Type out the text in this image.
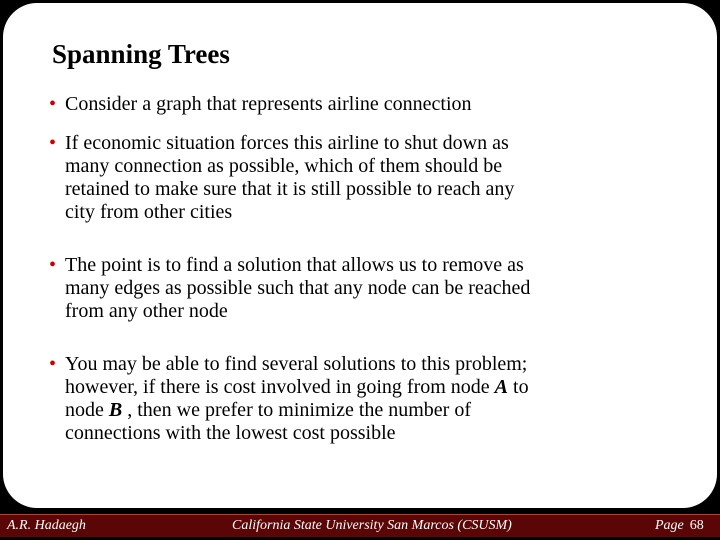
Spanning Trees
• Consider a graph that represents airline connection
• If economic situation forces this airline to shut down as
many connection as possible, which of them should be
retained to make sure that it is still possible to reach any
city from other cities
• The point is to find a solution that allows us to remove as
many edges as possible such that any node can be reached
from any other node
• You may be able to find several solutions to this problem;
however, if there is cost involved in going from node A to
node B , then we prefer to minimize the number of
connections with the lowest cost possible
A.R. Hadaegh	California State University San Marcos (CSUSM)	Page 68
